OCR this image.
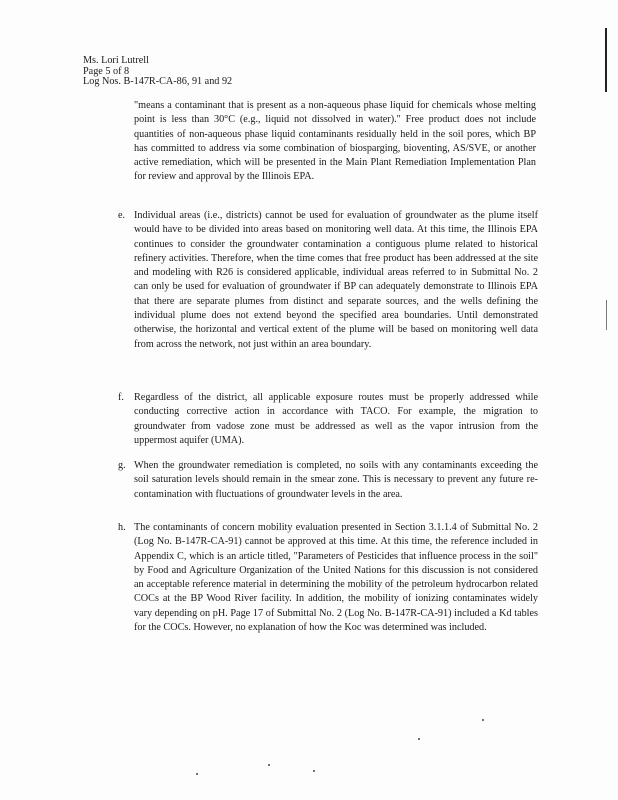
Ms. Lori Lutrell
Page 5 of 8
Log Nos. B-147R-CA-86, 91 and 92
"means a contaminant that is present as a non-aqueous phase liquid for chemicals whose melting point is less than 30°C (e.g., liquid not dissolved in water)." Free product does not include quantities of non-aqueous phase liquid contaminants residually held in the soil pores, which BP has committed to address via some combination of biosparging, bioventing, AS/SVE, or another active remediation, which will be presented in the Main Plant Remediation Implementation Plan for review and approval by the Illinois EPA.
e. Individual areas (i.e., districts) cannot be used for evaluation of groundwater as the plume itself would have to be divided into areas based on monitoring well data. At this time, the Illinois EPA continues to consider the groundwater contamination a contiguous plume related to historical refinery activities. Therefore, when the time comes that free product has been addressed at the site and modeling with R26 is considered applicable, individual areas referred to in Submittal No. 2 can only be used for evaluation of groundwater if BP can adequately demonstrate to Illinois EPA that there are separate plumes from distinct and separate sources, and the wells defining the individual plume does not extend beyond the specified area boundaries. Until demonstrated otherwise, the horizontal and vertical extent of the plume will be based on monitoring well data from across the network, not just within an area boundary.
f. Regardless of the district, all applicable exposure routes must be properly addressed while conducting corrective action in accordance with TACO. For example, the migration to groundwater from vadose zone must be addressed as well as the vapor intrusion from the uppermost aquifer (UMA).
g. When the groundwater remediation is completed, no soils with any contaminants exceeding the soil saturation levels should remain in the smear zone. This is necessary to prevent any future re-contamination with fluctuations of groundwater levels in the area.
h. The contaminants of concern mobility evaluation presented in Section 3.1.1.4 of Submittal No. 2 (Log No. B-147R-CA-91) cannot be approved at this time. At this time, the reference included in Appendix C, which is an article titled, "Parameters of Pesticides that influence process in the soil" by Food and Agriculture Organization of the United Nations for this discussion is not considered an acceptable reference material in determining the mobility of the petroleum hydrocarbon related COCs at the BP Wood River facility. In addition, the mobility of ionizing contaminates widely vary depending on pH. Page 17 of Submittal No. 2 (Log No. B-147R-CA-91) included a Kd tables for the COCs. However, no explanation of how the Koc was determined was included.
